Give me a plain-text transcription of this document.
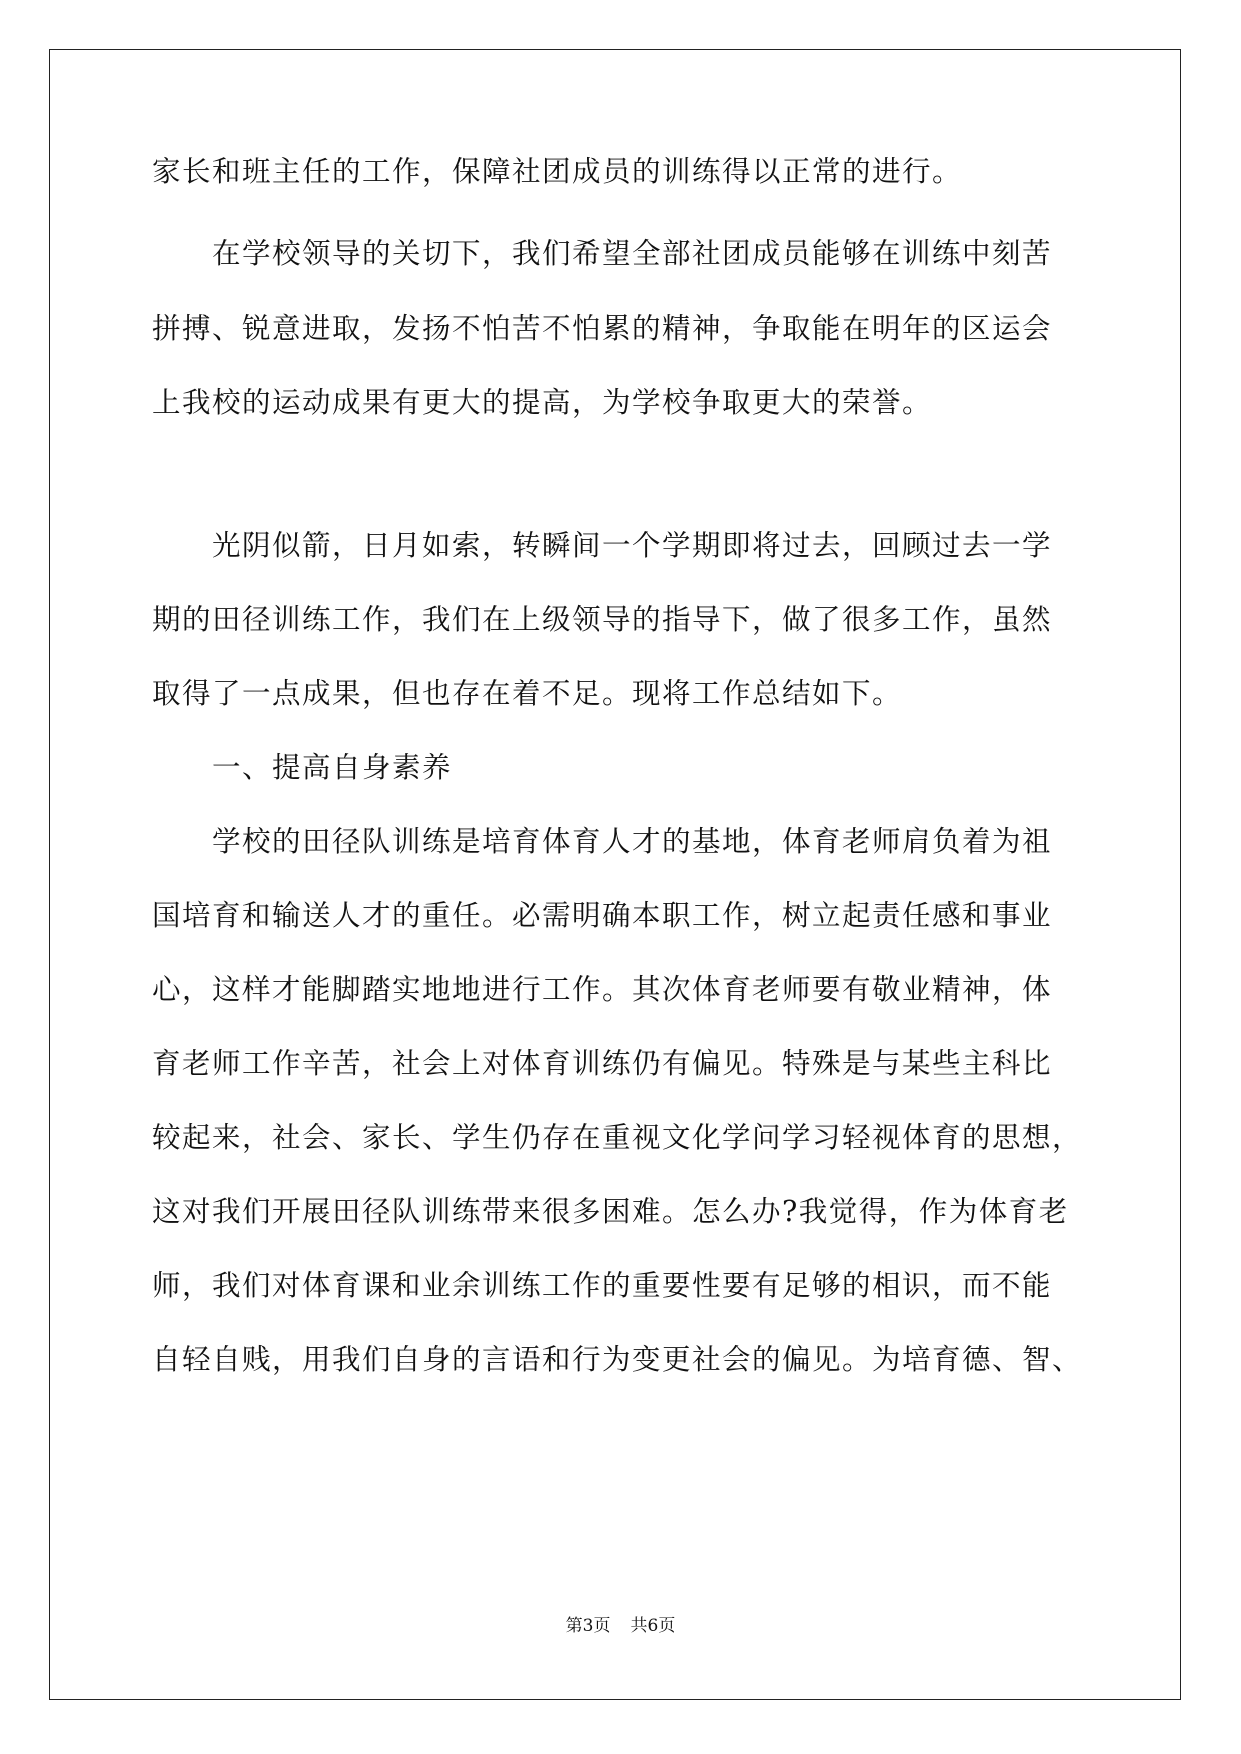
家长和班主任的工作，保障社团成员的训练得以正常的进行。
在学校领导的关切下，我们希望全部社团成员能够在训练中刻苦
拼搏、锐意进取，发扬不怕苦不怕累的精神，争取能在明年的区运会
上我校的运动成果有更大的提高，为学校争取更大的荣誉。
光阴似箭，日月如索，转瞬间一个学期即将过去，回顾过去一学
期的田径训练工作，我们在上级领导的指导下，做了很多工作，虽然
取得了一点成果，但也存在着不足。现将工作总结如下。
一、提高自身素养
学校的田径队训练是培育体育人才的基地，体育老师肩负着为祖
国培育和输送人才的重任。必需明确本职工作，树立起责任感和事业
心，这样才能脚踏实地地进行工作。其次体育老师要有敬业精神，体
育老师工作辛苦，社会上对体育训练仍有偏见。特殊是与某些主科比
较起来，社会、家长、学生仍存在重视文化学问学习轻视体育的思想，
这对我们开展田径队训练带来很多困难。怎么办?我觉得，作为体育老
师，我们对体育课和业余训练工作的重要性要有足够的相识，而不能
自轻自贱，用我们自身的言语和行为变更社会的偏见。为培育德、智、
第3页 共6页
